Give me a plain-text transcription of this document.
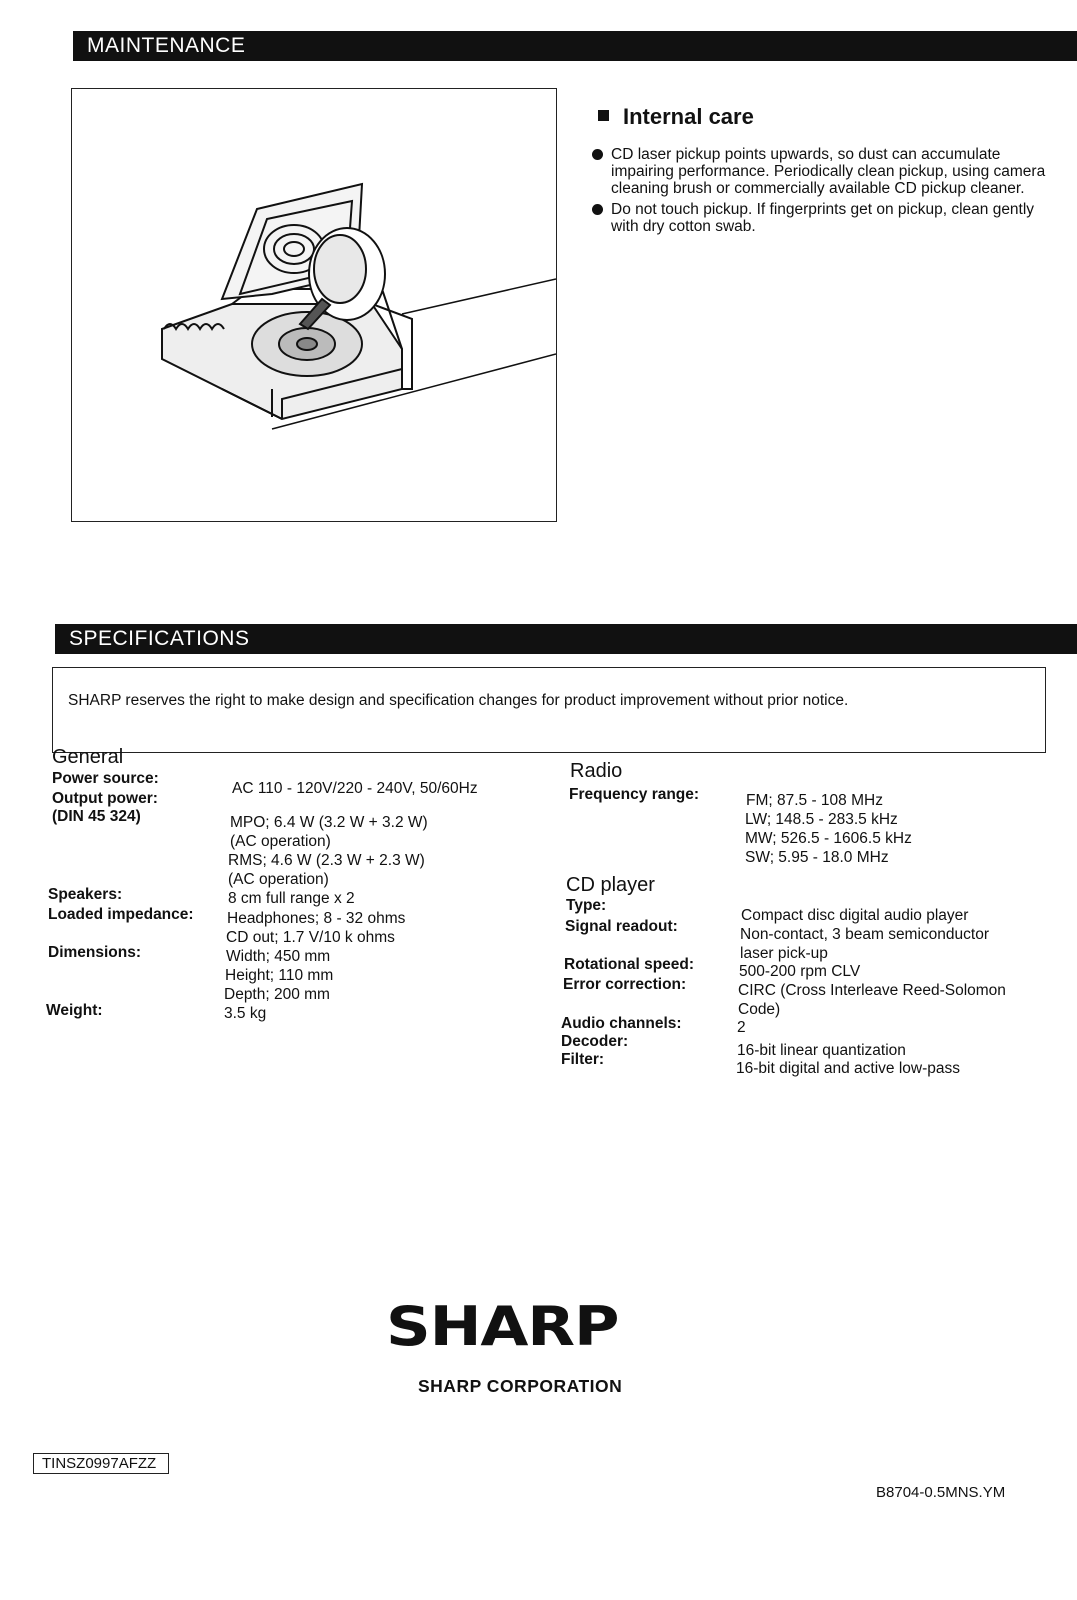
MAINTENANCE
Internal care
CD laser pickup points upwards, so dust can accumulate impairing performance. Periodically clean pickup, using camera cleaning brush or commercially available CD pickup cleaner.
Do not touch pickup. If fingerprints get on pickup, clean gently with dry cotton swab.
SPECIFICATIONS
SHARP reserves the right to make design and specification changes for product improvement without prior notice.
General
Power source:
Output power:
(DIN 45 324)
Speakers:
Loaded impedance:
Dimensions:
Weight:
AC 110 - 120V/220 - 240V, 50/60Hz
MPO; 6.4 W (3.2 W + 3.2 W)
(AC operation)
RMS; 4.6 W (2.3 W + 2.3 W)
(AC operation)
8 cm full range x 2
Headphones; 8 - 32 ohms
CD out; 1.7 V/10 k ohms
Width; 450 mm
Height; 110 mm
Depth; 200 mm
3.5 kg
Radio
Frequency range:	FM; 87.5 - 108 MHz
LW; 148.5 - 283.5 kHz
MW; 526.5 - 1606.5 kHz
SW; 5.95 - 18.0 MHz
CD player
Type:
Signal readout:
Rotational speed:
Error correction:
Audio channels:
Decoder:
Filter:
Compact disc digital audio player
Non-contact, 3 beam semiconductor
laser pick-up
500-200 rpm CLV
CIRC (Cross Interleave Reed-Solomon
Code)
2
16-bit linear quantization
16-bit digital and active low-pass
SHARP
SHARP CORPORATION
TINSZ0997AFZZ
B8704-0.5MNS.YM
